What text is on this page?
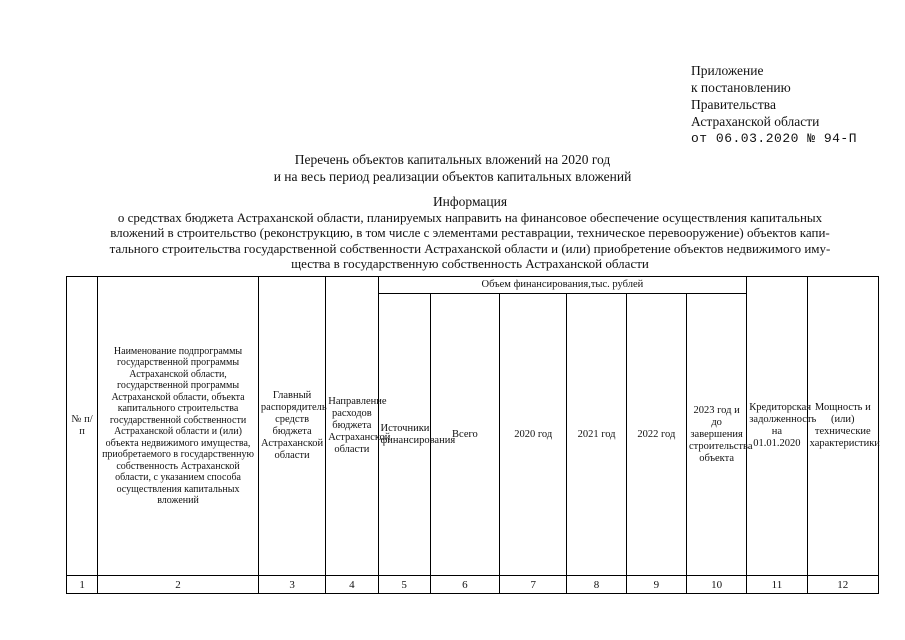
Приложение
к постановлению
Правительства
Астраханской области
от 06.03.2020 № 94-П
Перечень объектов капитальных вложений на 2020 год
и на весь период реализации объектов капитальных вложений
Информация
о средствах бюджета Астраханской области, планируемых направить на финансовое обеспечение осуществления капитальных
вложений в строительство (реконструкцию, в том числе с элементами реставрации, техническое перевооружение) объектов капи-
тального строительства государственной собственности Астраханской области и (или) приобретение объектов недвижимого иму-
щества в государственную собственность Астраханской области
№ п/п	Наименование подпрограммы государственной программы Астраханской области, государственной программы Астраханской области, объекта капитального строительства государственной собственности Астраханской области и (или) объекта недвижимого имущества, приобретаемого в государственную собственность Астраханской области, с указанием способа осуществления капитальных вложений	Главный распорядитель средств бюджета Астраханской области	Направление расходов бюджета Астраханской области	Объем финансирования,тыс. рублей						Кредиторская задолженность на 01.01.2020	Мощность и (или) технические характеристики
				Источники финансирования	Всего	2020 год	2021 год	2022 год	2023 год и до завершения строительства объекта		
1	2	3	4	5	6	7	8	9	10	11	12
